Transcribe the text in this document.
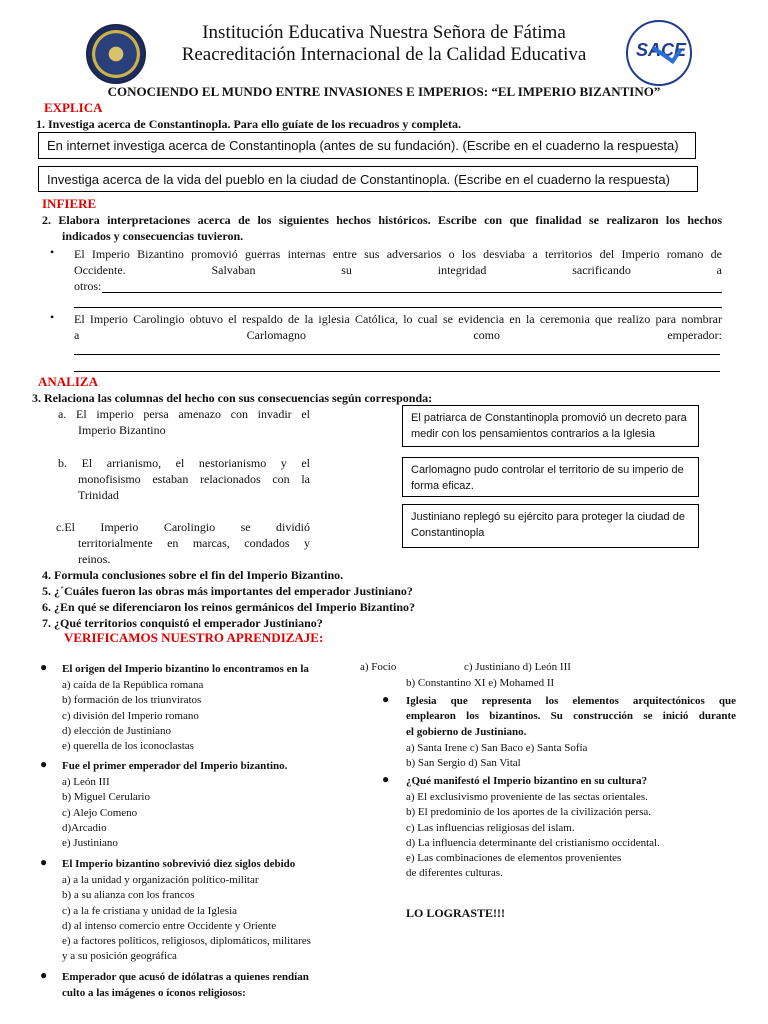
SACE
Institución Educativa Nuestra Señora de Fátima
Reacreditación Internacional de la Calidad Educativa
CONOCIENDO EL MUNDO ENTRE INVASIONES E IMPERIOS: “EL IMPERIO BIZANTINO”
EXPLICA
1. Investiga acerca de Constantinopla. Para ello guíate de los recuadros y completa.
En internet investiga acerca de Constantinopla (antes de su fundación). (Escribe en el cuaderno la respuesta)
Investiga acerca de la vida del pueblo en la ciudad de Constantinopla. (Escribe en el cuaderno la respuesta)
INFIERE
2. Elabora interpretaciones acerca de los siguientes hechos históricos. Escribe con que finalidad se realizaron los hechos
indicados y consecuencias tuvieron.
• El Imperio Bizantino promovió guerras internas entre sus adversarios o los desviaba a territorios del Imperio romano de
Occidente. Salvaban su integridad sacrificando a
otros:
• El Imperio Carolingio obtuvo el respaldo de la iglesia Católica, lo cual se evidencia en la ceremonia que realizo para nombrar
a Carlomagno como emperador:
ANALIZA
3. Relaciona las columnas del hecho con sus consecuencias según corresponda:
a. El imperio persa amenazo con invadir el
Imperio Bizantino
b. El arrianismo, el nestorianismo y el
monofisismo estaban relacionados con la
Trinidad
c.El Imperio Carolingio se dividió
territorialmente en marcas, condados y
reinos.
El patriarca de Constantinopla promovió un decreto para medir con los pensamientos contrarios a la Iglesia
Carlomagno pudo controlar el territorio de su imperio de forma eficaz.
Justiniano replegó su ejército para proteger la ciudad de Constantinopla
4. Formula conclusiones sobre el fin del Imperio Bizantino.
5. ¿´Cuáles fueron las obras más importantes del emperador Justiniano?
6. ¿En qué se diferenciaron los reinos germánicos del Imperio Bizantino?
7. ¿Qué territorios conquistó el emperador Justiniano?
VERIFICAMOS NUESTRO APRENDIZAJE:
● El origen del Imperio bizantino lo encontramos en la

a) caída de la República romana

b) formación de los triunviratos

c) división del Imperio romano

d) elección de Justiniano

e) querella de los iconoclastas

● Fue el primer emperador del Imperio bizantino.

a) León III

b) Miguel Cerulario

c) Alejo Comeno

d)Arcadio

e) Justiniano

● El Imperio bizantino sobrevivió diez siglos debido

a) a la unidad y organización político-militar

b) a su alianza con los francos

c) a la fe cristiana y unidad de la Iglesia

d) al intenso comercio entre Occidente y Oriente

e) a factores políticos, religiosos, diplomáticos, militares

y a su posición geográfica

● Emperador que acusó de idólatras a quienes rendían
culto a las imágenes o íconos religiosos:
a) Focio	c) Justiniano d) León III
b) Constantino XI e) Mohamed II
● Iglesia que representa los elementos arquitectónicos que

emplearon los bizantinos. Su construcción se inició durante

el gobierno de Justiniano.

a) Santa Irene c) San Baco e) Santa Sofía

b) San Sergio d) San Vital

● ¿Qué manifestó el Imperio bizantino en su cultura?

a) El exclusivismo proveniente de las sectas orientales.

b) El predominio de los aportes de la civilización persa.

c) Las influencias religiosas del islam.

d) La influencia determinante del cristianismo occidental.

e) Las combinaciones de elementos provenientes

de diferentes culturas.

LO LOGRASTE!!!
